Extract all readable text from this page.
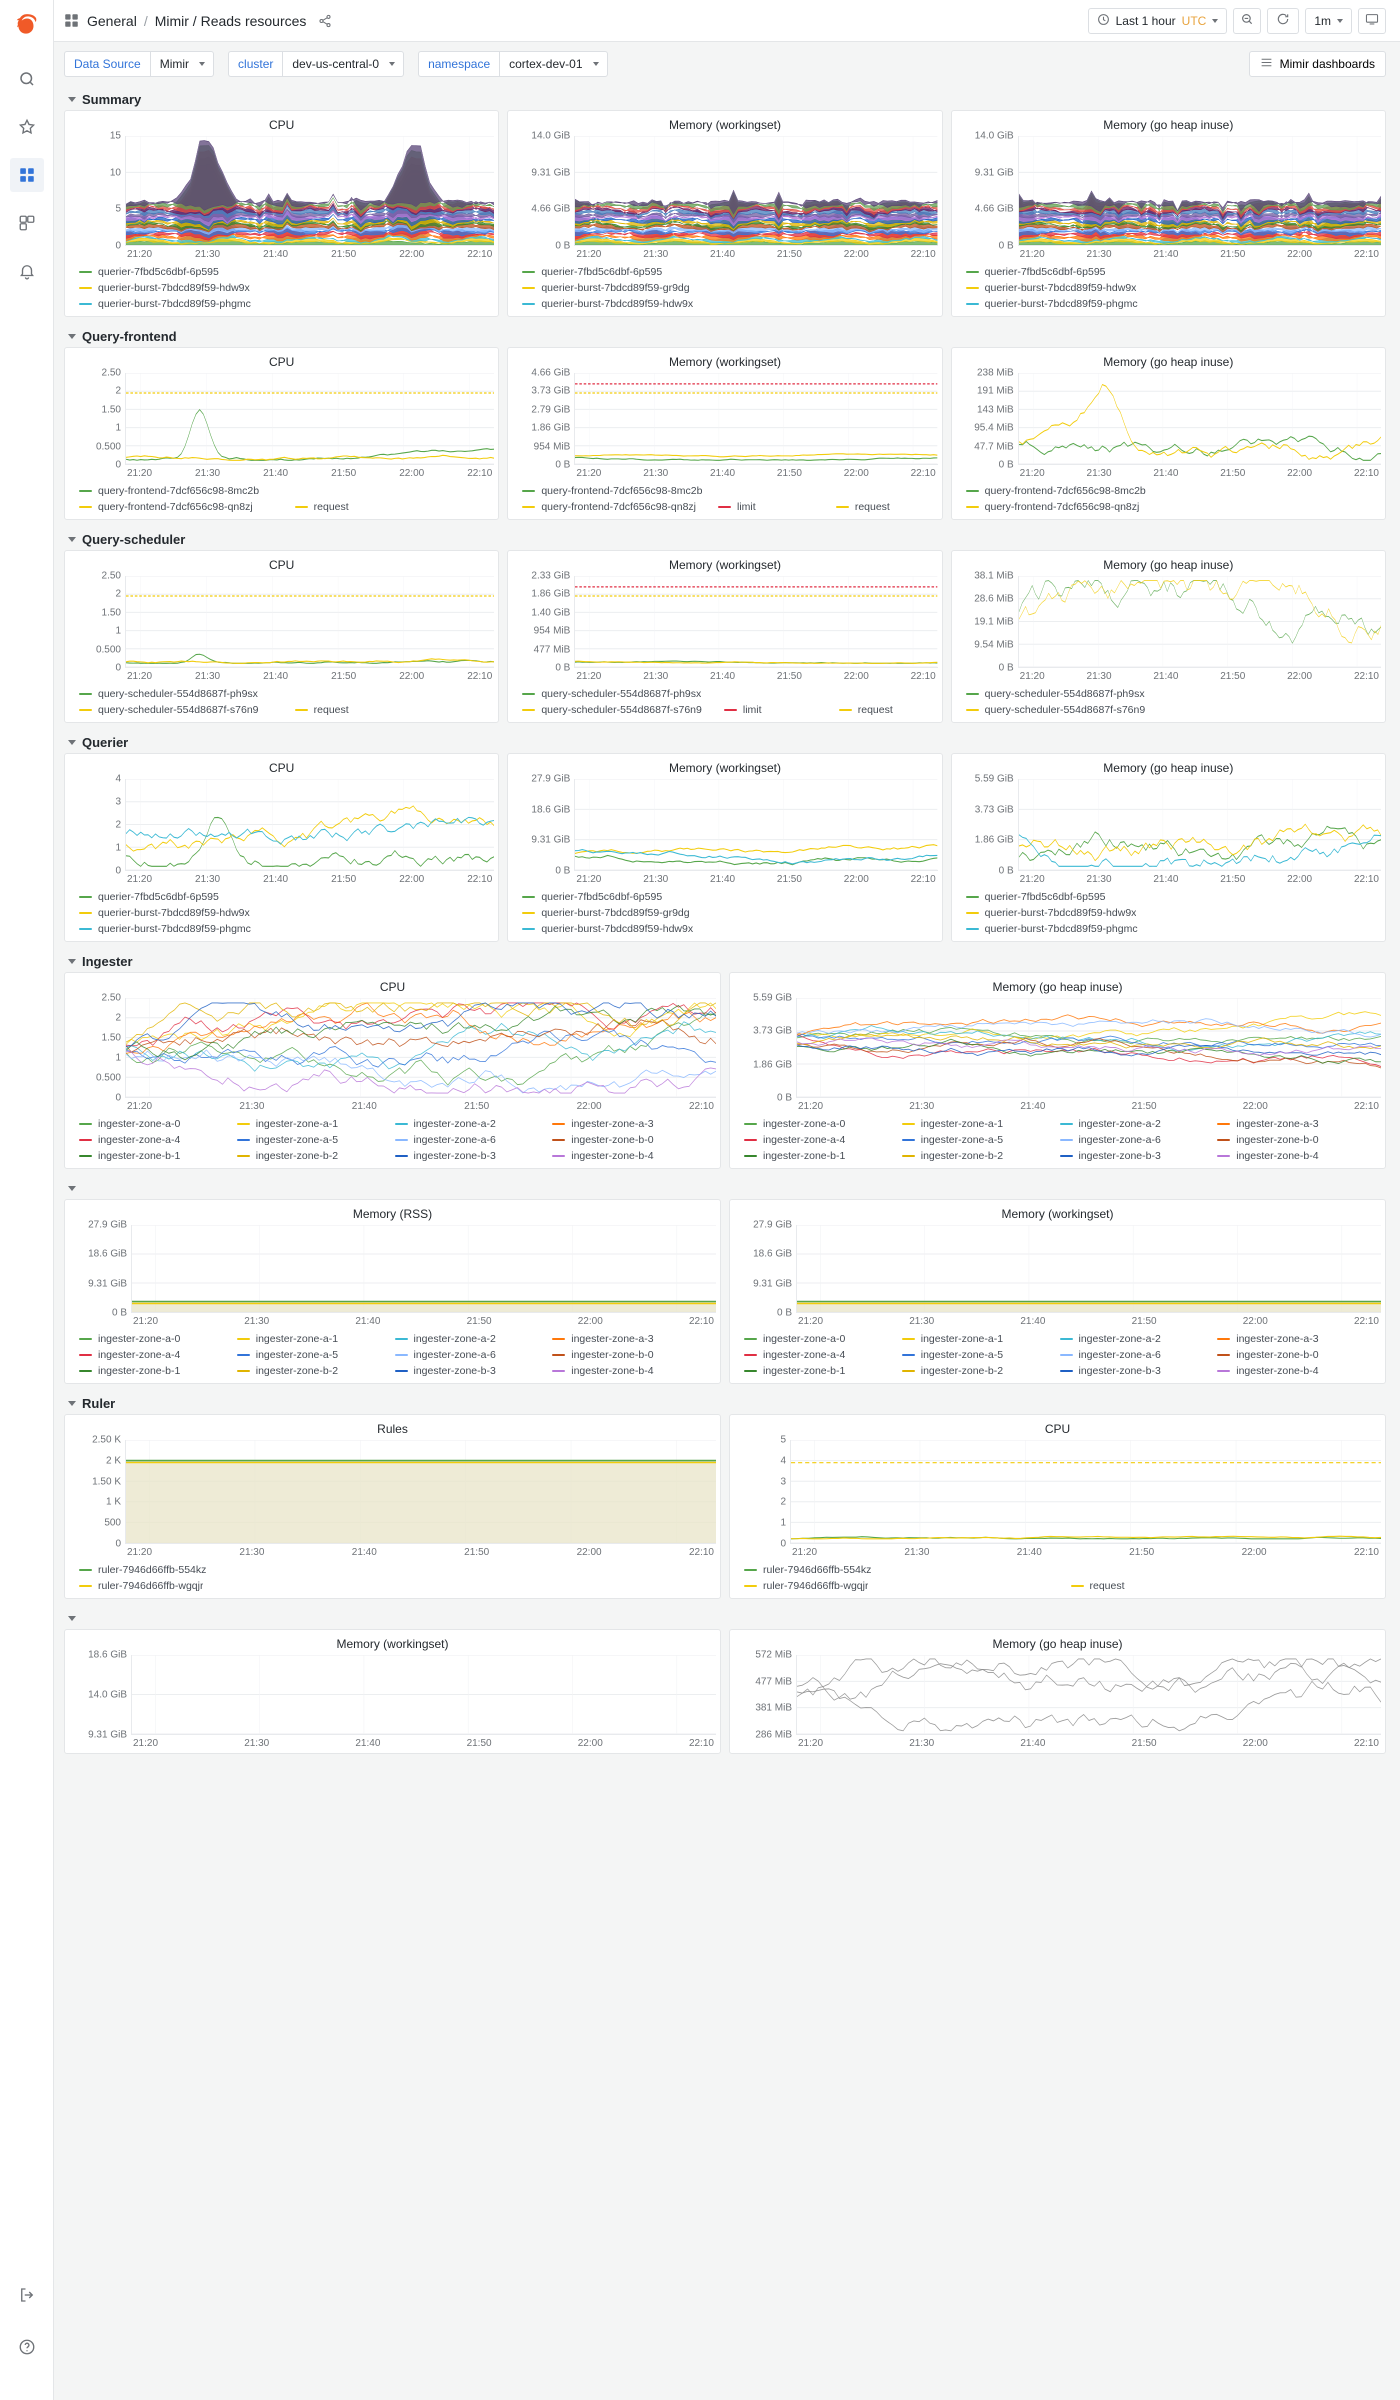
General / Mimir / Reads resources	Last 1 hour UTC	1m
Data Source	Mimir	cluster	dev-us-central-0	namespace	cortex-dev-01	Mimir dashboards
Summary
CPU
15
10
5
0
21:20	21:30	21:40	21:50	22:00	22:10
querier-7fbd5c6dbf-6p595
querier-burst-7bdcd89f59-hdw9x
querier-burst-7bdcd89f59-phgmc
Memory (workingset)
14.0 GiB
9.31 GiB
4.66 GiB
0 B
21:20	21:30	21:40	21:50	22:00	22:10
querier-7fbd5c6dbf-6p595
querier-burst-7bdcd89f59-gr9dg
querier-burst-7bdcd89f59-hdw9x
Memory (go heap inuse)
14.0 GiB
9.31 GiB
4.66 GiB
0 B
21:20	21:30	21:40	21:50	22:00	22:10
querier-7fbd5c6dbf-6p595
querier-burst-7bdcd89f59-hdw9x
querier-burst-7bdcd89f59-phgmc
Query-frontend
CPU
2.50
2
1.50
1
0.500
0
21:20	21:30	21:40	21:50	22:00	22:10
query-frontend-7dcf656c98-8mc2b
query-frontend-7dcf656c98-qn8zj	request
Memory (workingset)
4.66 GiB
3.73 GiB
2.79 GiB
1.86 GiB
954 MiB
0 B
21:20	21:30	21:40	21:50	22:00	22:10
query-frontend-7dcf656c98-8mc2b
query-frontend-7dcf656c98-qn8zj	limit	request
Memory (go heap inuse)
238 MiB
191 MiB
143 MiB
95.4 MiB
47.7 MiB
0 B
21:20	21:30	21:40	21:50	22:00	22:10
query-frontend-7dcf656c98-8mc2b
query-frontend-7dcf656c98-qn8zj
Query-scheduler
CPU
2.50
2
1.50
1
0.500
0
21:20	21:30	21:40	21:50	22:00	22:10
query-scheduler-554d8687f-ph9sx
query-scheduler-554d8687f-s76n9	request
Memory (workingset)
2.33 GiB
1.86 GiB
1.40 GiB
954 MiB
477 MiB
0 B
21:20	21:30	21:40	21:50	22:00	22:10
query-scheduler-554d8687f-ph9sx
query-scheduler-554d8687f-s76n9	limit	request
Memory (go heap inuse)
38.1 MiB
28.6 MiB
19.1 MiB
9.54 MiB
0 B
21:20	21:30	21:40	21:50	22:00	22:10
query-scheduler-554d8687f-ph9sx
query-scheduler-554d8687f-s76n9
Querier
CPU
4
3
2
1
0
21:20	21:30	21:40	21:50	22:00	22:10
querier-7fbd5c6dbf-6p595
querier-burst-7bdcd89f59-hdw9x
querier-burst-7bdcd89f59-phgmc
Memory (workingset)
27.9 GiB
18.6 GiB
9.31 GiB
0 B
21:20	21:30	21:40	21:50	22:00	22:10
querier-7fbd5c6dbf-6p595
querier-burst-7bdcd89f59-gr9dg
querier-burst-7bdcd89f59-hdw9x
Memory (go heap inuse)
5.59 GiB
3.73 GiB
1.86 GiB
0 B
21:20	21:30	21:40	21:50	22:00	22:10
querier-7fbd5c6dbf-6p595
querier-burst-7bdcd89f59-hdw9x
querier-burst-7bdcd89f59-phgmc
Ingester
CPU
2.50
2
1.50
1
0.500
0
21:20	21:30	21:40	21:50	22:00	22:10
ingester-zone-a-0	ingester-zone-a-1	ingester-zone-a-2	ingester-zone-a-3
ingester-zone-a-4	ingester-zone-a-5	ingester-zone-a-6	ingester-zone-b-0
ingester-zone-b-1	ingester-zone-b-2	ingester-zone-b-3	ingester-zone-b-4
Memory (go heap inuse)
5.59 GiB
3.73 GiB
1.86 GiB
0 B
21:20	21:30	21:40	21:50	22:00	22:10
ingester-zone-a-0	ingester-zone-a-1	ingester-zone-a-2	ingester-zone-a-3
ingester-zone-a-4	ingester-zone-a-5	ingester-zone-a-6	ingester-zone-b-0
ingester-zone-b-1	ingester-zone-b-2	ingester-zone-b-3	ingester-zone-b-4
Memory (RSS)
27.9 GiB
18.6 GiB
9.31 GiB
0 B
21:20	21:30	21:40	21:50	22:00	22:10
ingester-zone-a-0	ingester-zone-a-1	ingester-zone-a-2	ingester-zone-a-3
ingester-zone-a-4	ingester-zone-a-5	ingester-zone-a-6	ingester-zone-b-0
ingester-zone-b-1	ingester-zone-b-2	ingester-zone-b-3	ingester-zone-b-4
Memory (workingset)
27.9 GiB
18.6 GiB
9.31 GiB
0 B
21:20	21:30	21:40	21:50	22:00	22:10
ingester-zone-a-0	ingester-zone-a-1	ingester-zone-a-2	ingester-zone-a-3
ingester-zone-a-4	ingester-zone-a-5	ingester-zone-a-6	ingester-zone-b-0
ingester-zone-b-1	ingester-zone-b-2	ingester-zone-b-3	ingester-zone-b-4
Ruler
Rules
2.50 K
2 K
1.50 K
1 K
500
0
21:20	21:30	21:40	21:50	22:00	22:10
ruler-7946d66ffb-554kz
ruler-7946d66ffb-wgqjr
CPU
5
4
3
2
1
0
21:20	21:30	21:40	21:50	22:00	22:10
ruler-7946d66ffb-554kz
ruler-7946d66ffb-wgqjr	request
Memory (workingset)
18.6 GiB
14.0 GiB
9.31 GiB
21:20	21:30	21:40	21:50	22:00	22:10
Memory (go heap inuse)
572 MiB
477 MiB
381 MiB
286 MiB
21:20	21:30	21:40	21:50	22:00	22:10
